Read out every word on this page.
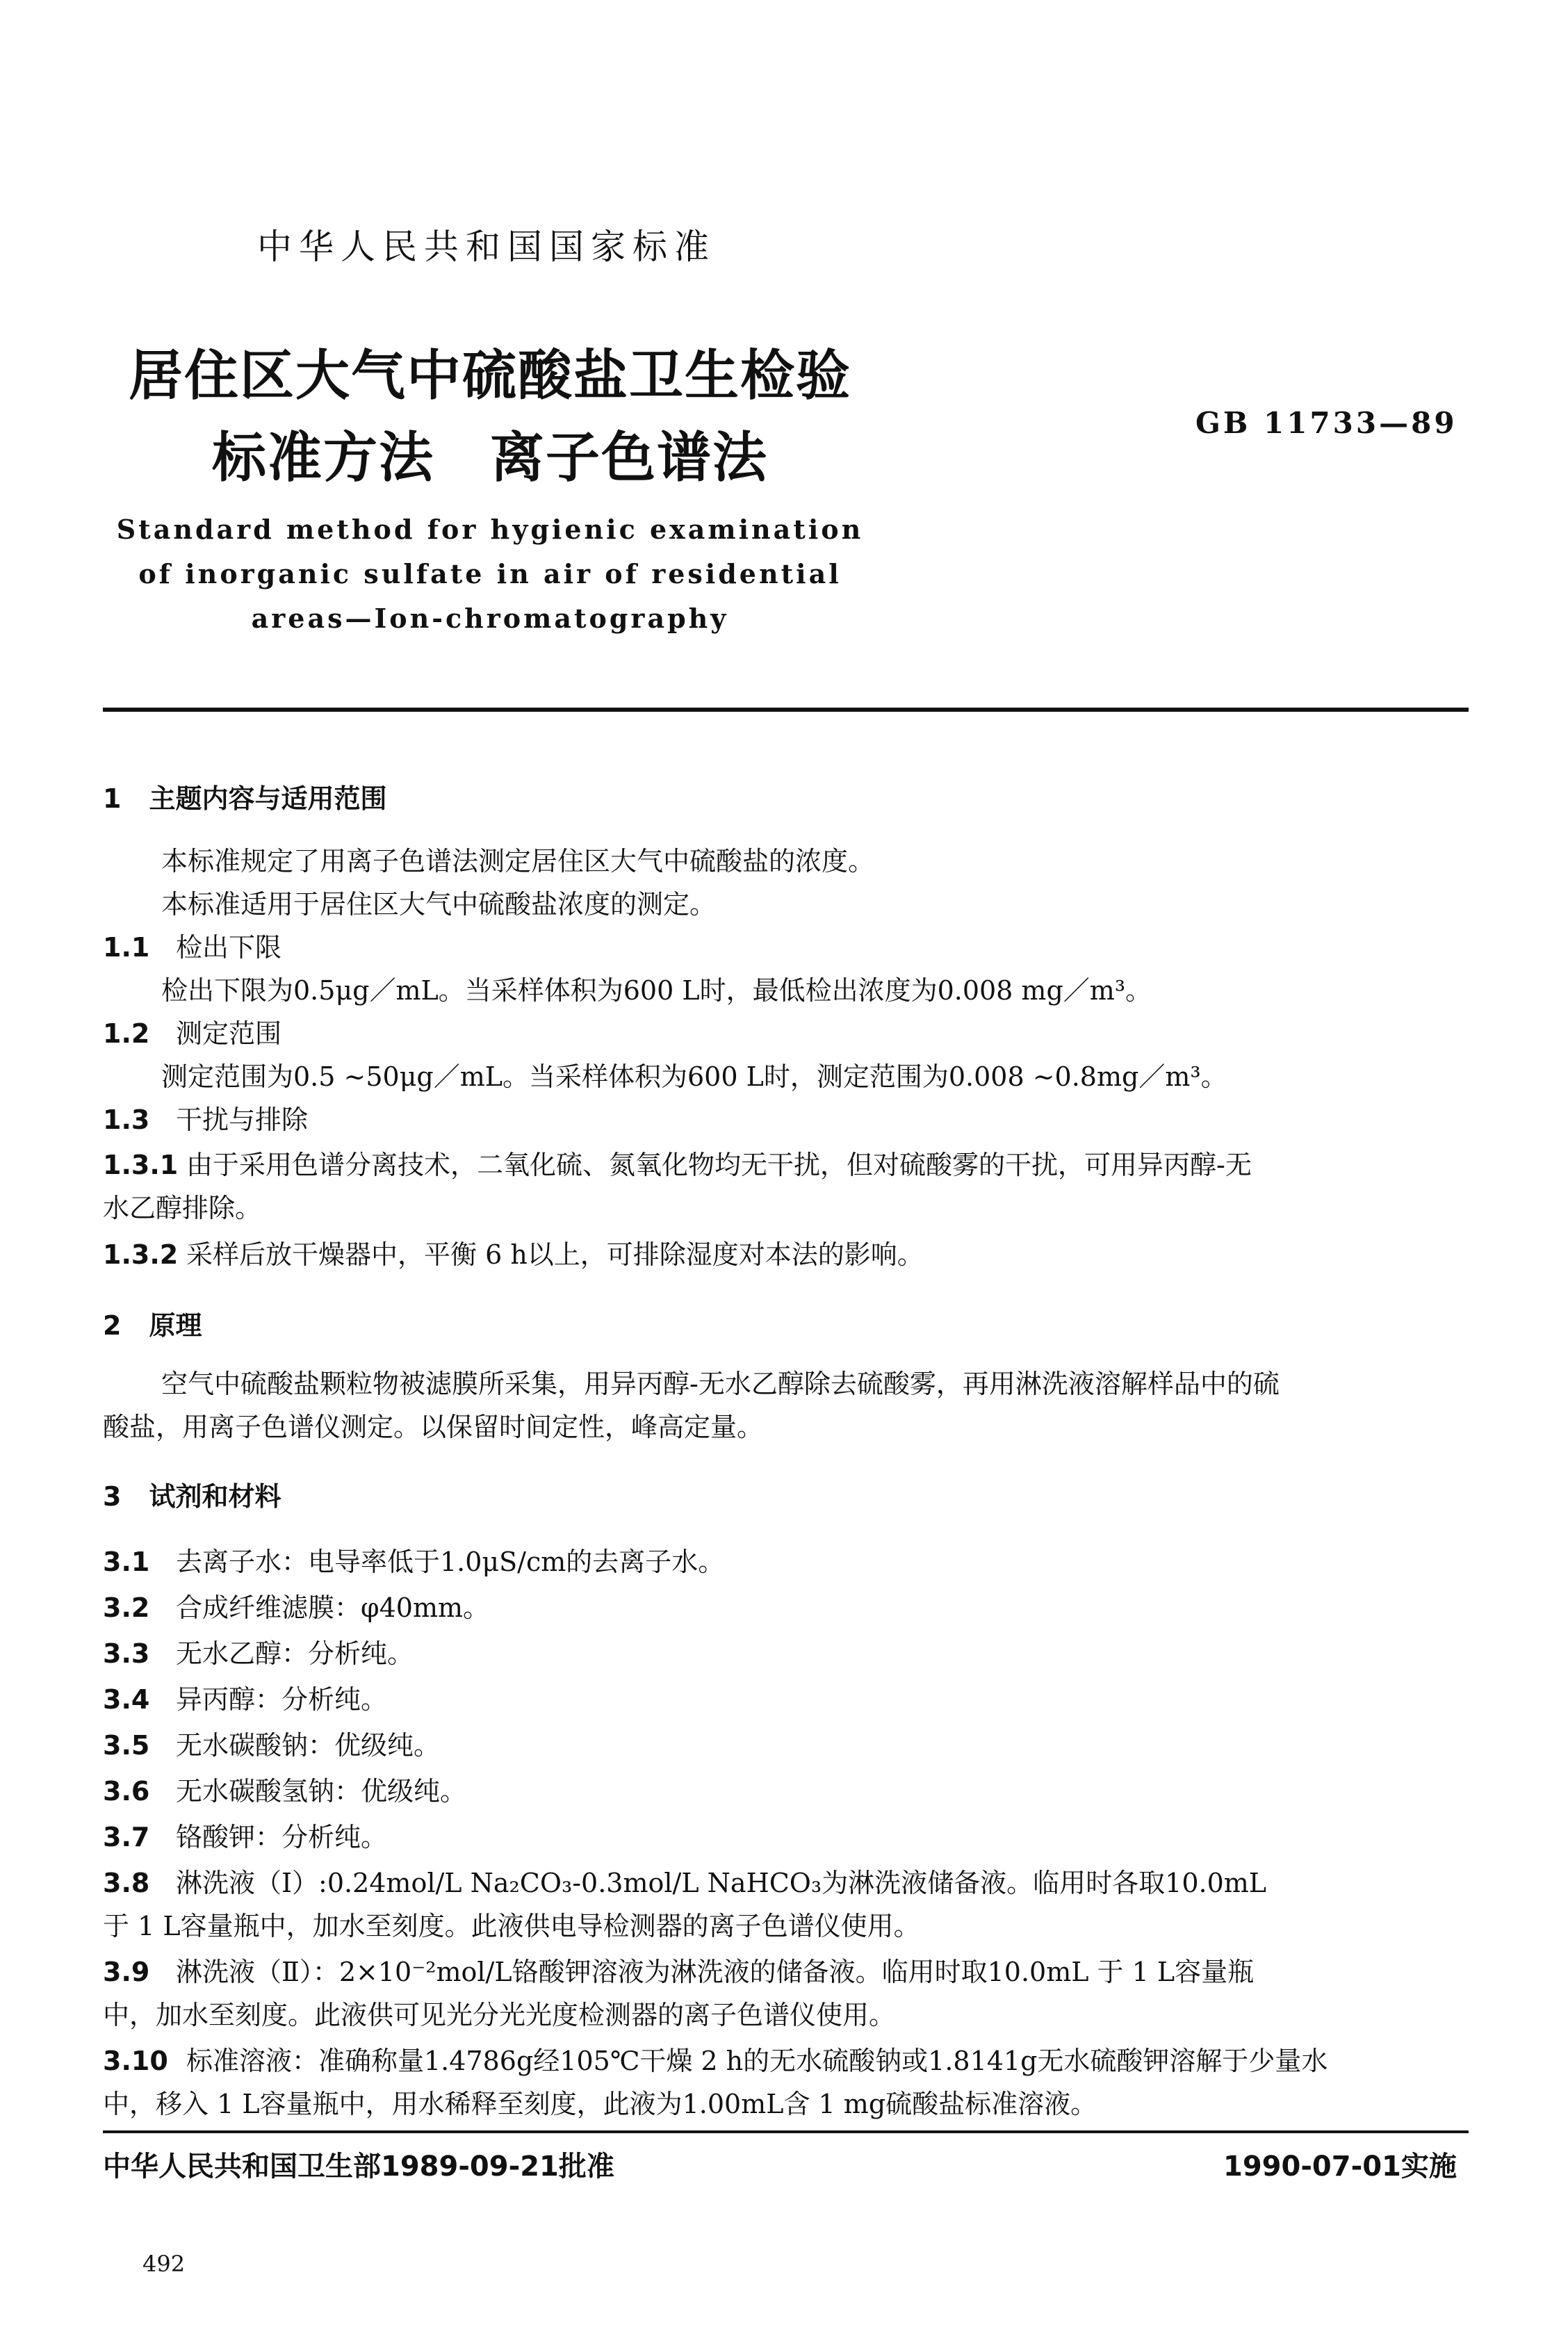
中华人民共和国国家标准
居住区大气中硫酸盐卫生检验
标准方法　离子色谱法
GB 11733—89
Standard method for hygienic examination
of inorganic sulfate in air of residential
areas—Ion-chromatography
1 主题内容与适用范围
本标准规定了用离子色谱法测定居住区大气中硫酸盐的浓度。
本标准适用于居住区大气中硫酸盐浓度的测定。
1.1 检出下限
检出下限为0.5μg／mL。当采样体积为600 L时，最低检出浓度为0.008 mg／m³。
1.2 测定范围
测定范围为0.5 ~50μg／mL。当采样体积为600 L时，测定范围为0.008 ~0.8mg／m³。
1.3 干扰与排除
1.3.1 由于采用色谱分离技术，二氧化硫、氮氧化物均无干扰，但对硫酸雾的干扰，可用异丙醇-无
水乙醇排除。
1.3.2 采样后放干燥器中，平衡 6 h以上，可排除湿度对本法的影响。
2 原理
空气中硫酸盐颗粒物被滤膜所采集，用异丙醇-无水乙醇除去硫酸雾，再用淋洗液溶解样品中的硫
酸盐，用离子色谱仪测定。以保留时间定性，峰高定量。
3 试剂和材料
3.1 去离子水：电导率低于1.0μS/cm的去离子水。
3.2 合成纤维滤膜：φ40mm。
3.3 无水乙醇：分析纯。
3.4 异丙醇：分析纯。
3.5 无水碳酸钠：优级纯。
3.6 无水碳酸氢钠：优级纯。
3.7 铬酸钾：分析纯。
3.8 淋洗液（Ⅰ）:0.24mol/L Na₂CO₃-0.3mol/L NaHCO₃为淋洗液储备液。临用时各取10.0mL
于 1 L容量瓶中，加水至刻度。此液供电导检测器的离子色谱仪使用。
3.9 淋洗液（Ⅱ）：2×10⁻²mol/L铬酸钾溶液为淋洗液的储备液。临用时取10.0mL 于 1 L容量瓶
中，加水至刻度。此液供可见光分光光度检测器的离子色谱仪使用。
3.10 标准溶液：准确称量1.4786g经105℃干燥 2 h的无水硫酸钠或1.8141g无水硫酸钾溶解于少量水
中，移入 1 L容量瓶中，用水稀释至刻度，此液为1.00mL含 1 mg硫酸盐标准溶液。
中华人民共和国卫生部1989-09-21批准	1990-07-01实施
492
